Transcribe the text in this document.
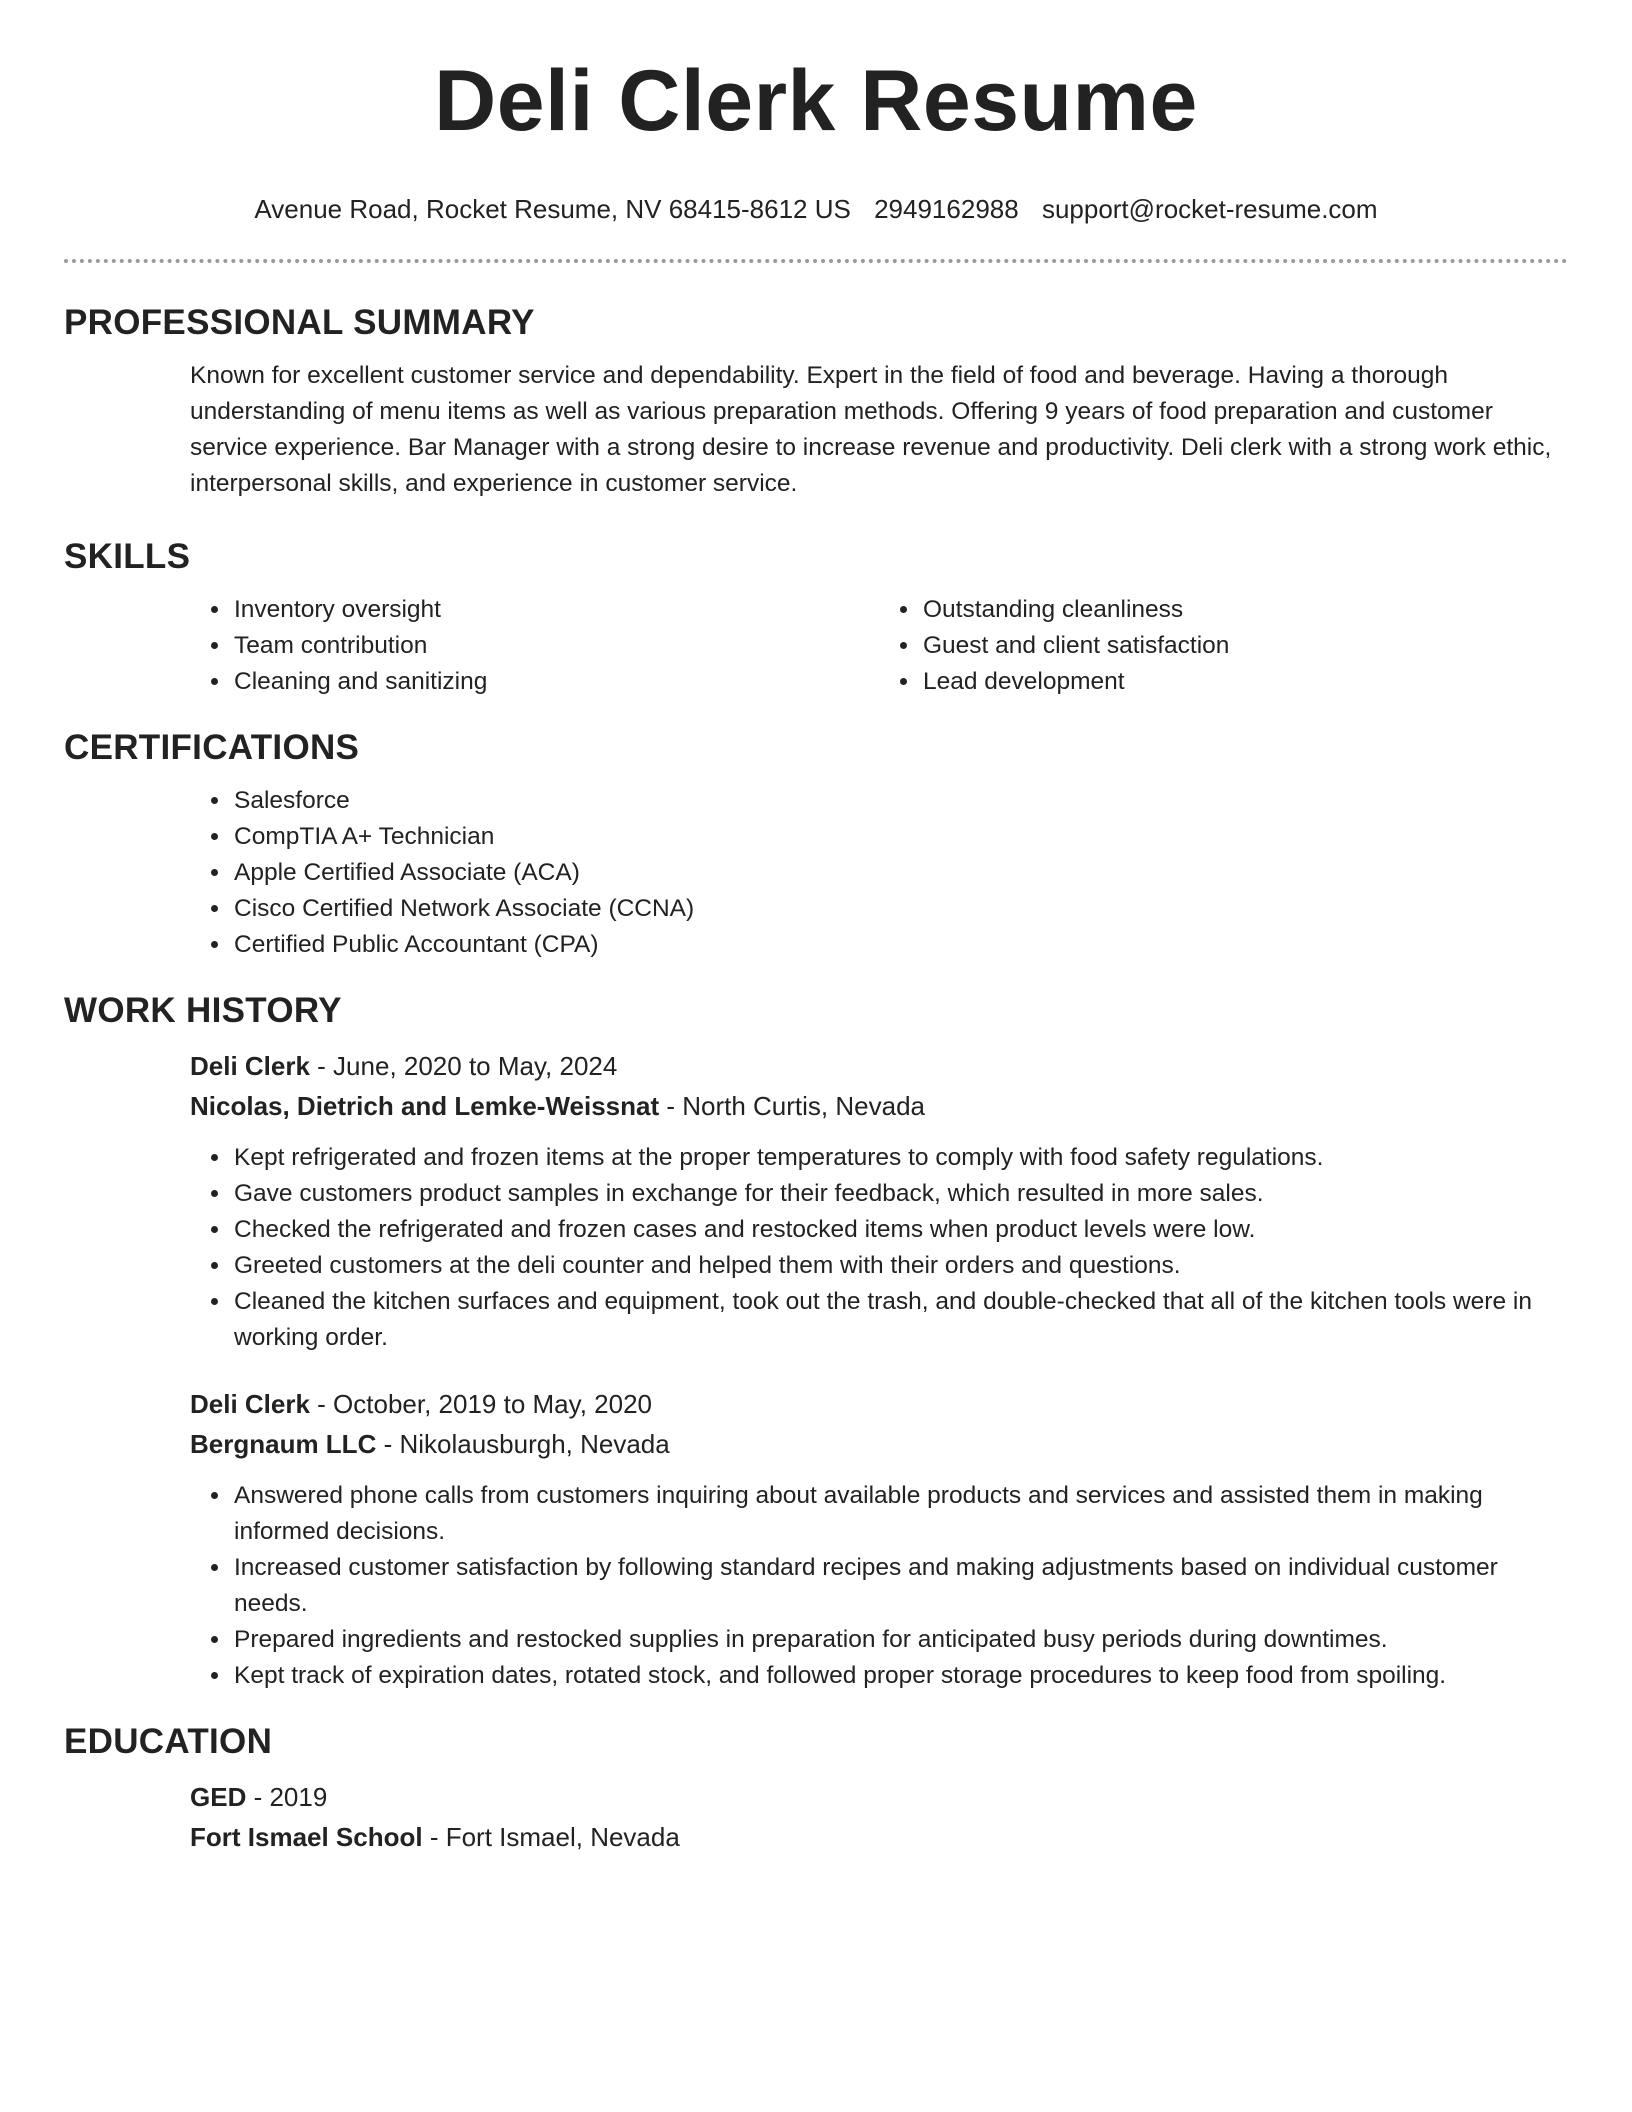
Deli Clerk Resume
Avenue Road, Rocket Resume, NV 68415-8612 US 2949162988 support@rocket-resume.com
PROFESSIONAL SUMMARY
Known for excellent customer service and dependability. Expert in the field of food and beverage. Having a thorough understanding of menu items as well as various preparation methods. Offering 9 years of food preparation and customer service experience. Bar Manager with a strong desire to increase revenue and productivity. Deli clerk with a strong work ethic, interpersonal skills, and experience in customer service.
SKILLS
• Inventory oversight
• Team contribution
• Cleaning and sanitizing
• Outstanding cleanliness
• Guest and client satisfaction
• Lead development
CERTIFICATIONS
• Salesforce
• CompTIA A+ Technician
• Apple Certified Associate (ACA)
• Cisco Certified Network Associate (CCNA)
• Certified Public Accountant (CPA)
WORK HISTORY
Deli Clerk - June, 2020 to May, 2024
Nicolas, Dietrich and Lemke-Weissnat - North Curtis, Nevada
• Kept refrigerated and frozen items at the proper temperatures to comply with food safety regulations.
• Gave customers product samples in exchange for their feedback, which resulted in more sales.
• Checked the refrigerated and frozen cases and restocked items when product levels were low.
• Greeted customers at the deli counter and helped them with their orders and questions.
• Cleaned the kitchen surfaces and equipment, took out the trash, and double-checked that all of the kitchen tools were in working order.
Deli Clerk - October, 2019 to May, 2020
Bergnaum LLC - Nikolausburgh, Nevada
• Answered phone calls from customers inquiring about available products and services and assisted them in making informed decisions.
• Increased customer satisfaction by following standard recipes and making adjustments based on individual customer needs.
• Prepared ingredients and restocked supplies in preparation for anticipated busy periods during downtimes.
• Kept track of expiration dates, rotated stock, and followed proper storage procedures to keep food from spoiling.
EDUCATION
GED - 2019
Fort Ismael School - Fort Ismael, Nevada
